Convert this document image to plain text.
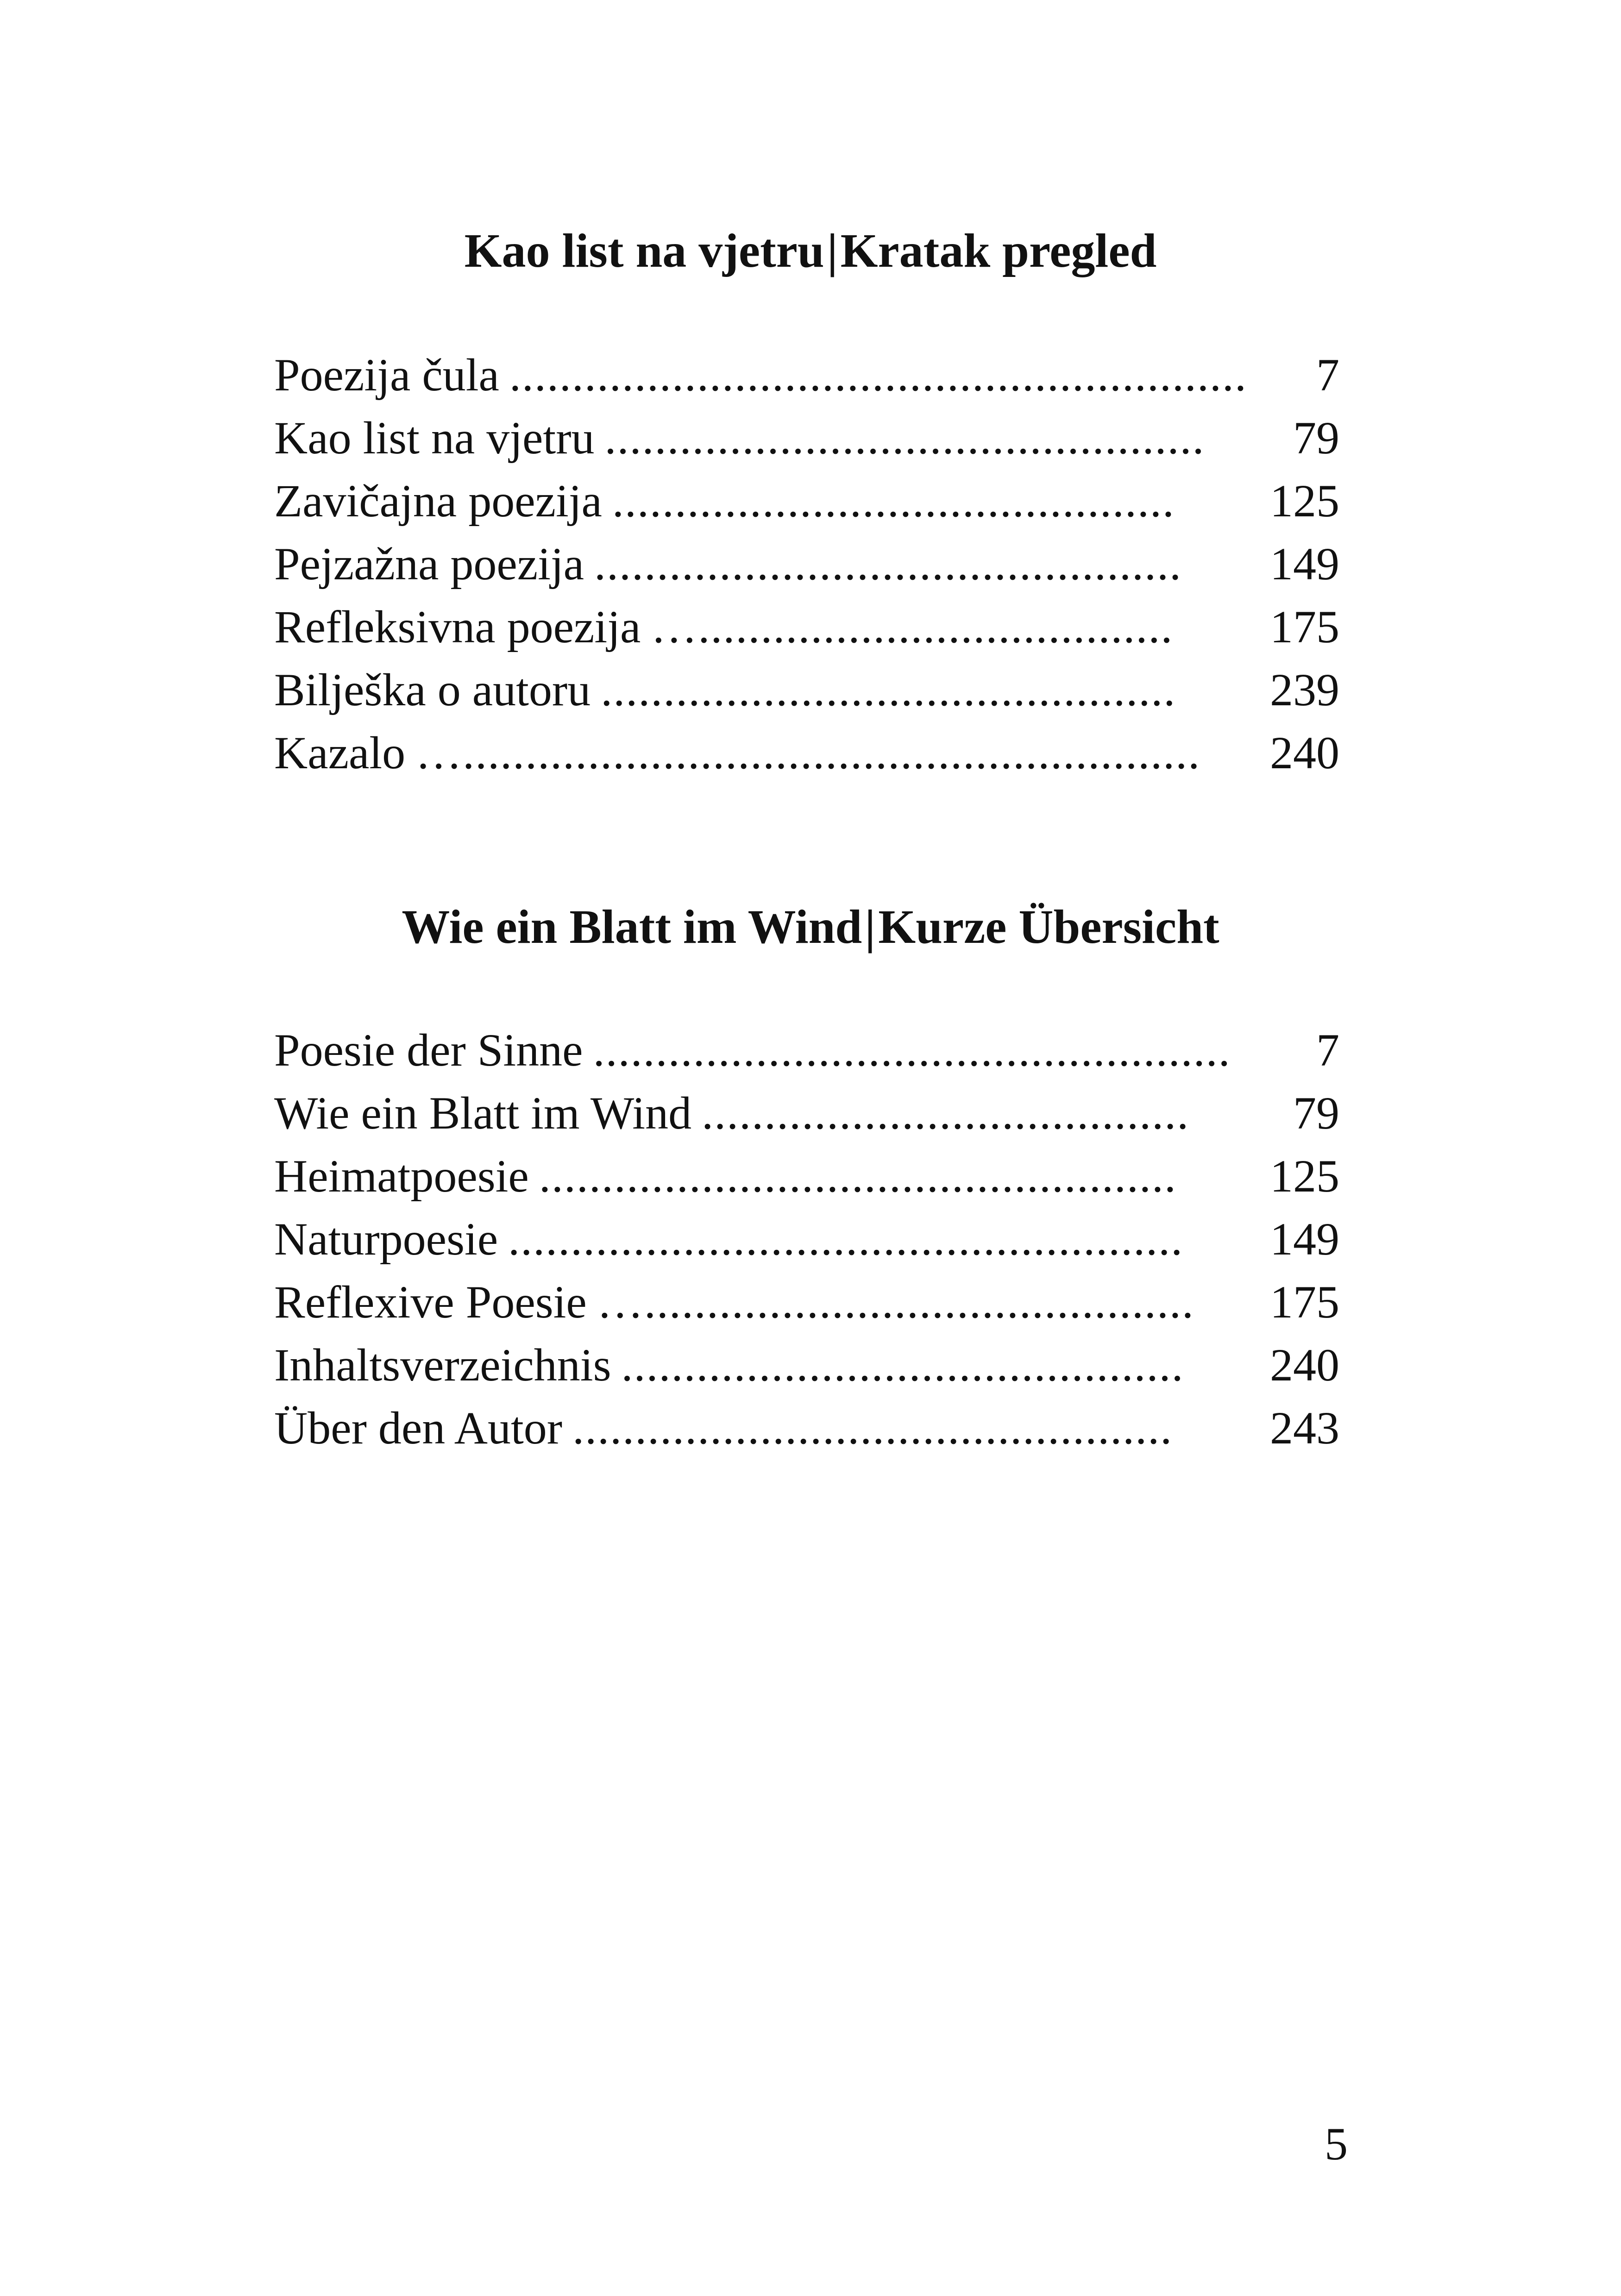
Kao list na vjetru|Kratak pregled
Poezija čula ...........................................................	7
Kao list na vjetru ................................................	79
Zavičajna poezija .............................................	125
Pejzažna poezija ...............................................	149
Refleksivna poezija …......................................	175
Bilješka o autoru ..............................................	239
Kazalo …...........................................................	240
Wie ein Blatt im Wind|Kurze Übersicht
Poesie der Sinne ...................................................	7
Wie ein Blatt im Wind .......................................	79
Heimatpoesie ...................................................	125
Naturpoesie ......................................................	149
Reflexive Poesie …............................................	175
Inhaltsverzeichnis .............................................	240
Über den Autor ................................................	243
5
